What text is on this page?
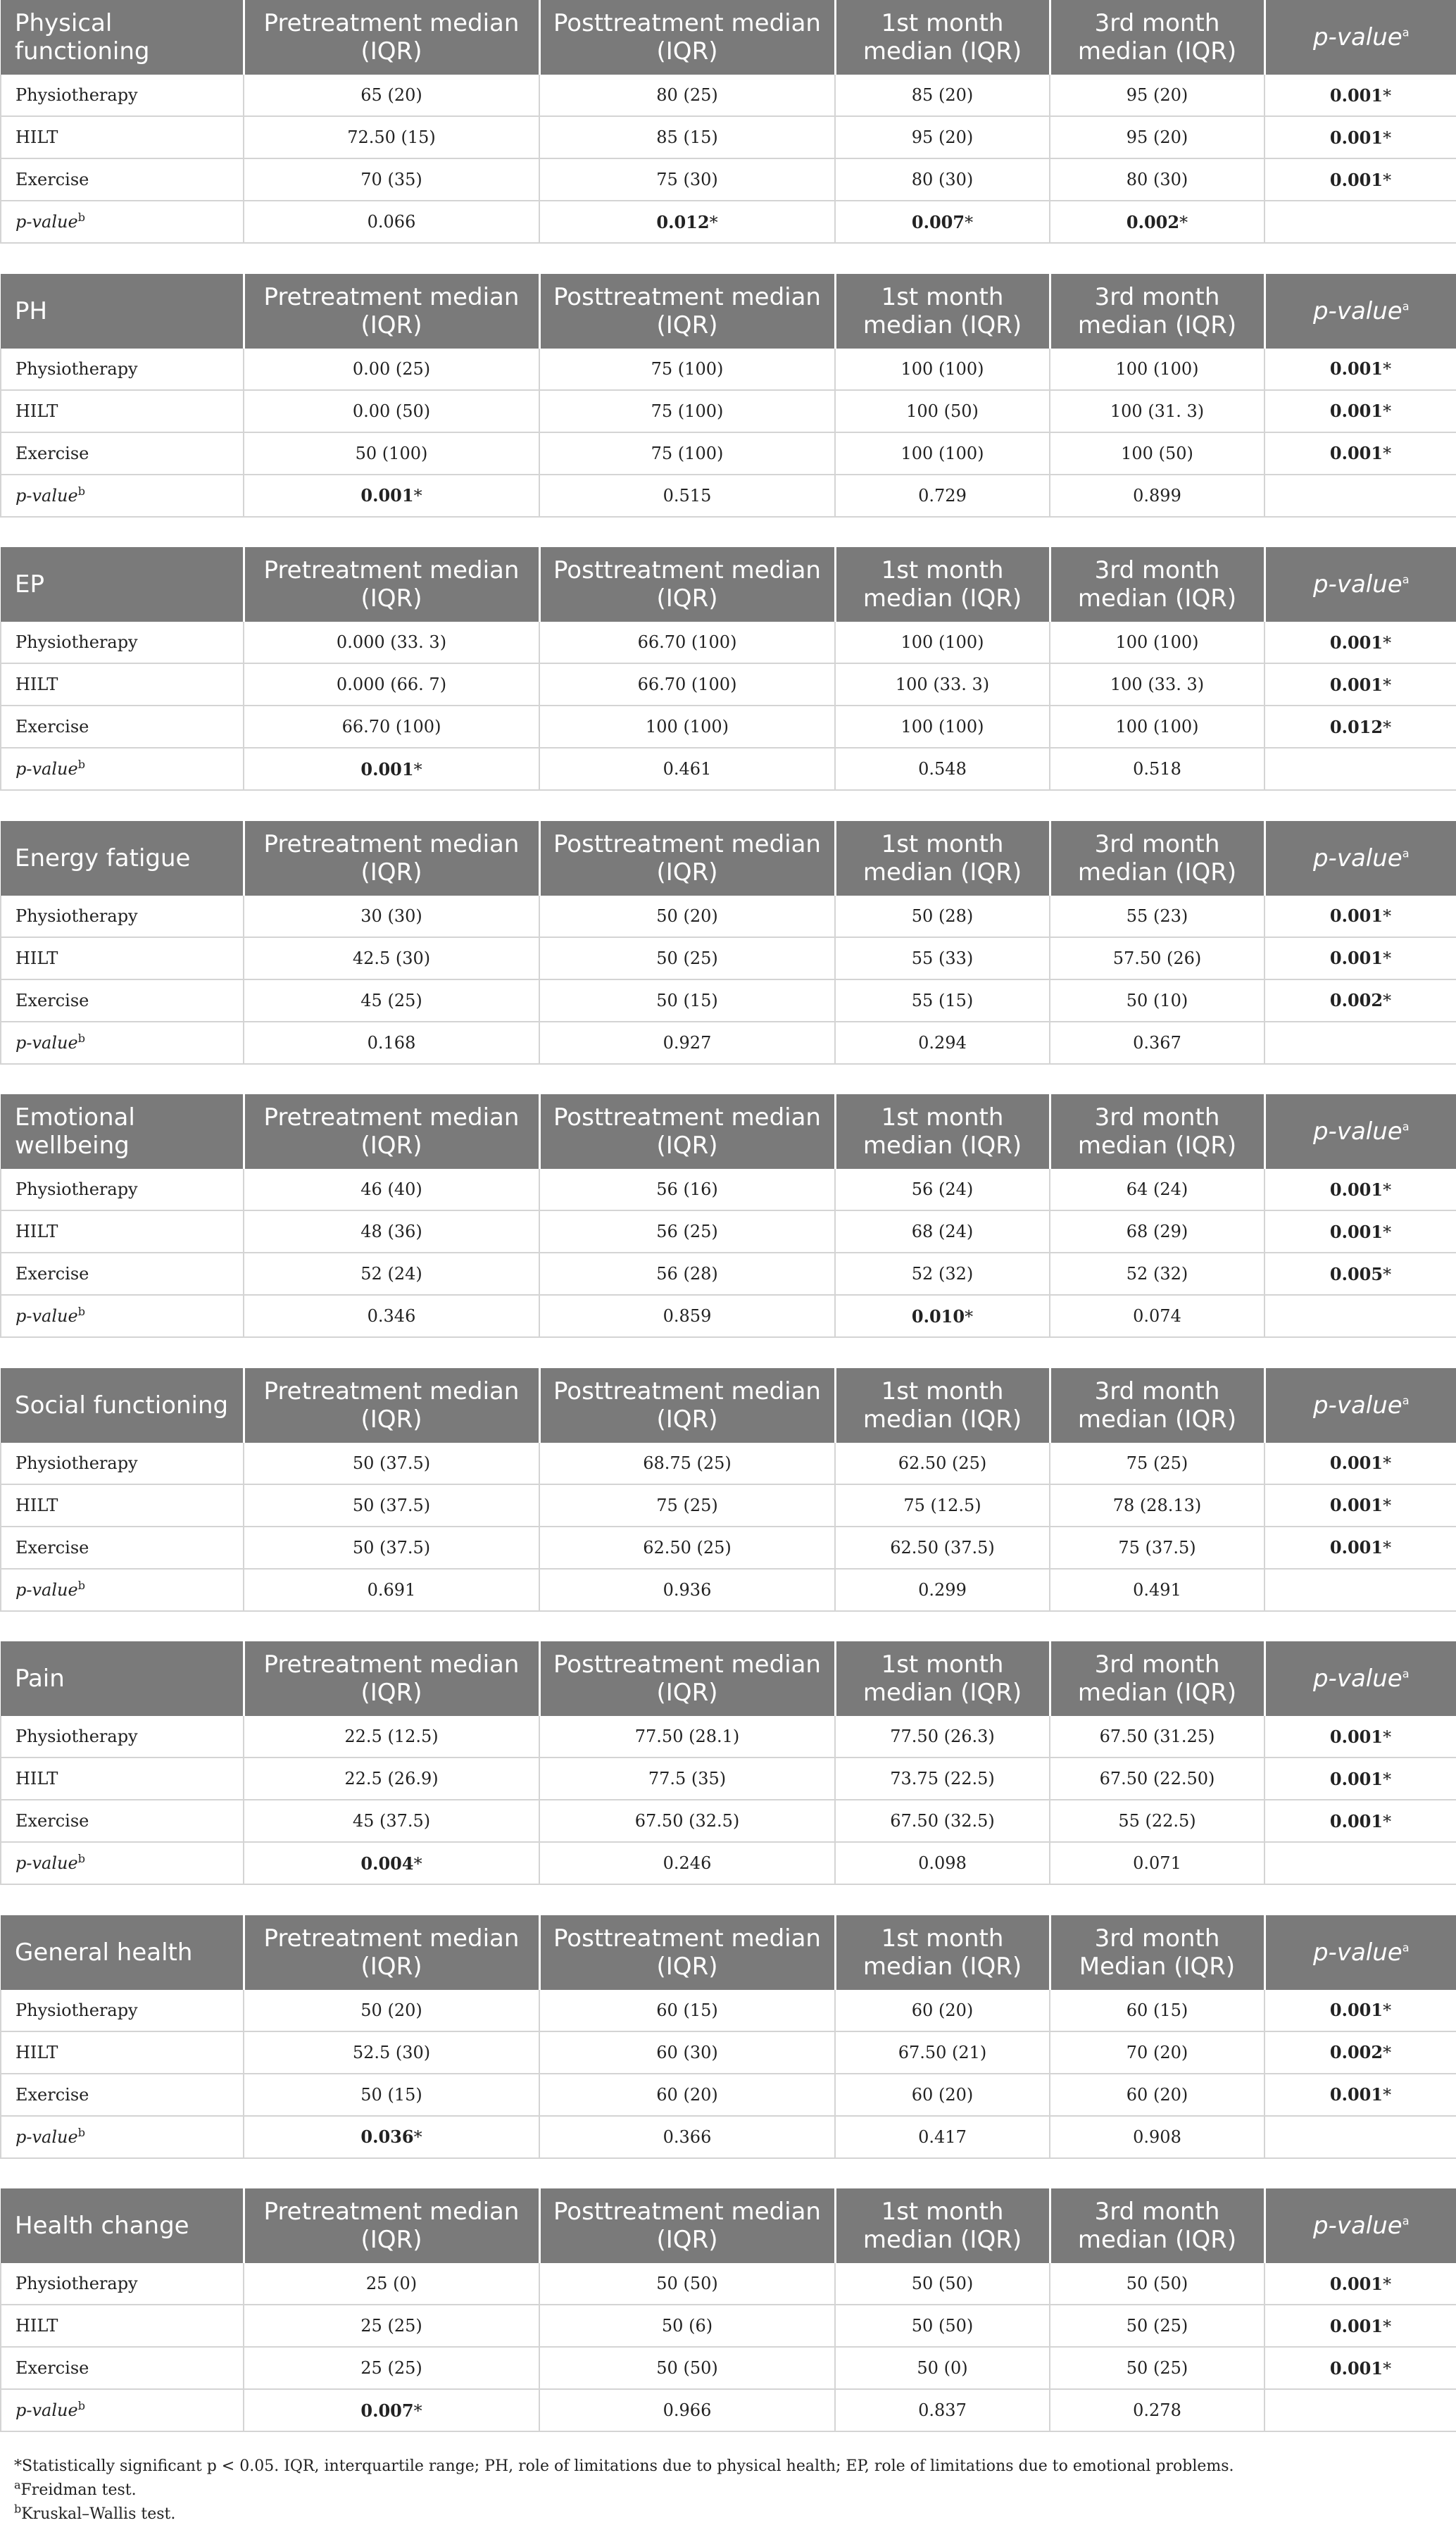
Physical functioning	Pretreatment median (IQR)	Posttreatment median (IQR)	1st month median (IQR)	3rd month median (IQR)	p-value$^a$
Physiotherapy	65 (20)	80 (25)	85 (20)	95 (20)	0.001*
HILT	72.50 (15)	85 (15)	95 (20)	95 (20)	0.001*
Exercise	70 (35)	75 (30)	80 (30)	80 (30)	0.001*
p-value$^b$	0.066	0.012*	0.007*	0.002*	
PH	Pretreatment median (IQR)	Posttreatment median (IQR)	1st month median (IQR)	3rd month median (IQR)	p-value$^a$
Physiotherapy	0.00 (25)	75 (100)	100 (100)	100 (100)	0.001*
HILT	0.00 (50)	75 (100)	100 (50)	100 (31. 3)	0.001*
Exercise	50 (100)	75 (100)	100 (100)	100 (50)	0.001*
p-value$^b$	0.001*	0.515	0.729	0.899	
EP	Pretreatment median (IQR)	Posttreatment median (IQR)	1st month median (IQR)	3rd month median (IQR)	p-value$^a$
Physiotherapy	0.000 (33. 3)	66.70 (100)	100 (100)	100 (100)	0.001*
HILT	0.000 (66. 7)	66.70 (100)	100 (33. 3)	100 (33. 3)	0.001*
Exercise	66.70 (100)	100 (100)	100 (100)	100 (100)	0.012*
p-value$^b$	0.001*	0.461	0.548	0.518	
Energy fatigue	Pretreatment median (IQR)	Posttreatment median (IQR)	1st month median (IQR)	3rd month median (IQR)	p-value$^a$
Physiotherapy	30 (30)	50 (20)	50 (28)	55 (23)	0.001*
HILT	42.5 (30)	50 (25)	55 (33)	57.50 (26)	0.001*
Exercise	45 (25)	50 (15)	55 (15)	50 (10)	0.002*
p-value$^b$	0.168	0.927	0.294	0.367	
Emotional wellbeing	Pretreatment median (IQR)	Posttreatment median (IQR)	1st month median (IQR)	3rd month median (IQR)	p-value$^a$
Physiotherapy	46 (40)	56 (16)	56 (24)	64 (24)	0.001*
HILT	48 (36)	56 (25)	68 (24)	68 (29)	0.001*
Exercise	52 (24)	56 (28)	52 (32)	52 (32)	0.005*
p-value$^b$	0.346	0.859	0.010*	0.074	
Social functioning	Pretreatment median (IQR)	Posttreatment median (IQR)	1st month median (IQR)	3rd month median (IQR)	p-value$^a$
Physiotherapy	50 (37.5)	68.75 (25)	62.50 (25)	75 (25)	0.001*
HILT	50 (37.5)	75 (25)	75 (12.5)	78 (28.13)	0.001*
Exercise	50 (37.5)	62.50 (25)	62.50 (37.5)	75 (37.5)	0.001*
p-value$^b$	0.691	0.936	0.299	0.491	
Pain	Pretreatment median (IQR)	Posttreatment median (IQR)	1st month median (IQR)	3rd month median (IQR)	p-value$^a$
Physiotherapy	22.5 (12.5)	77.50 (28.1)	77.50 (26.3)	67.50 (31.25)	0.001*
HILT	22.5 (26.9)	77.5 (35)	73.75 (22.5)	67.50 (22.50)	0.001*
Exercise	45 (37.5)	67.50 (32.5)	67.50 (32.5)	55 (22.5)	0.001*
p-value$^b$	0.004*	0.246	0.098	0.071	
General health	Pretreatment median (IQR)	Posttreatment median (IQR)	1st month median (IQR)	3rd month Median (IQR)	p-value$^a$
Physiotherapy	50 (20)	60 (15)	60 (20)	60 (15)	0.001*
HILT	52.5 (30)	60 (30)	67.50 (21)	70 (20)	0.002*
Exercise	50 (15)	60 (20)	60 (20)	60 (20)	0.001*
p-value$^b$	0.036*	0.366	0.417	0.908	
Health change	Pretreatment median (IQR)	Posttreatment median (IQR)	1st month median (IQR)	3rd month median (IQR)	p-value$^a$
Physiotherapy	25 (0)	50 (50)	50 (50)	50 (50)	0.001*
HILT	25 (25)	50 (6)	50 (50)	50 (25)	0.001*
Exercise	25 (25)	50 (50)	50 (0)	50 (25)	0.001*
p-value$^b$	0.007*	0.966	0.837	0.278	
*Statistically significant p < 0.05. IQR, interquartile range; PH, role of limitations due to physical health; EP, role of limitations due to emotional problems.
$^a$Freidman test.
$^b$Kruskal–Wallis test.
